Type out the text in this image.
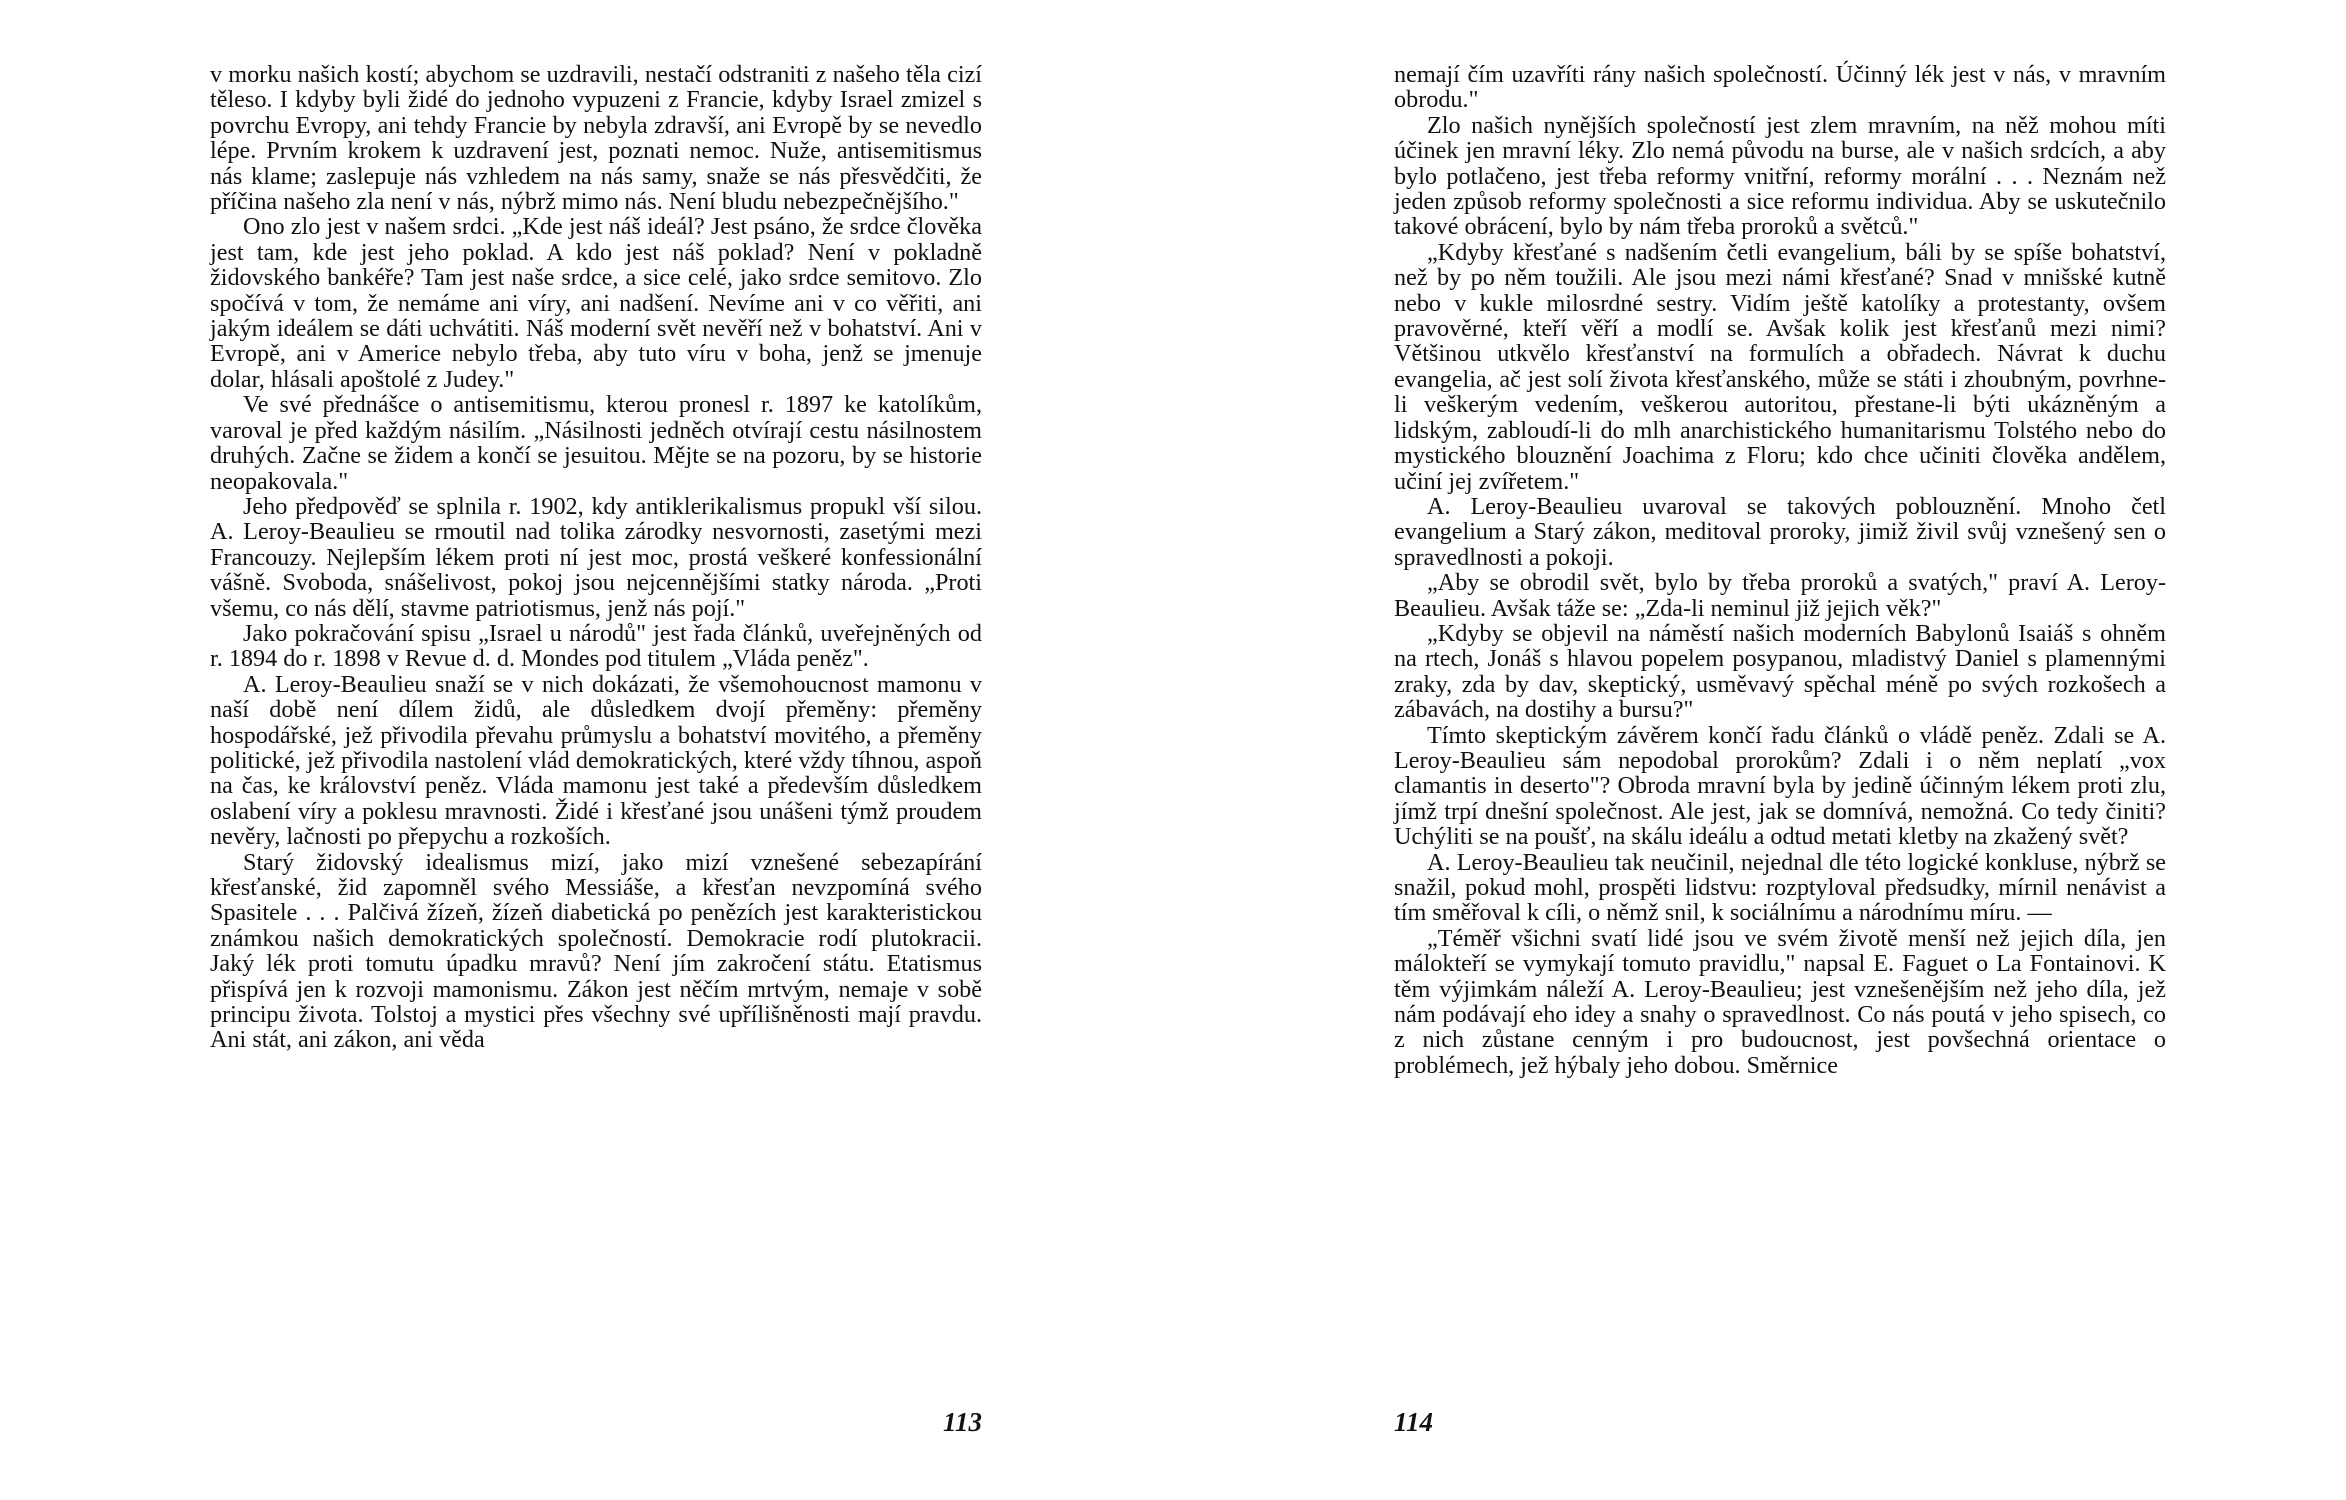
v morku našich kostí; abychom se uzdravili, nestačí odstraniti z našeho těla cizí těleso. I kdyby byli židé do jednoho vypuzeni z Francie, kdyby Israel zmizel s povrchu Evropy, ani tehdy Francie by nebyla zdravší, ani Evropě by se nevedlo lépe. Prvním krokem k uzdravení jest, poznati nemoc. Nuže, antisemitismus nás klame; zaslepuje nás vzhledem na nás samy, snaže se nás přesvědčiti, že příčina našeho zla není v nás, nýbrž mimo nás. Není bludu nebezpečnějšího."

Ono zlo jest v našem srdci. „Kde jest náš ideál? Jest psáno, že srdce člověka jest tam, kde jest jeho poklad. A kdo jest náš poklad? Není v pokladně židovského bankéře? Tam jest naše srdce, a sice celé, jako srdce semitovo. Zlo spočívá v tom, že nemáme ani víry, ani nadšení. Nevíme ani v co věřiti, ani jakým ideálem se dáti uchvátiti. Náš moderní svět nevěří než v bohatství. Ani v Evropě, ani v Americe nebylo třeba, aby tuto víru v boha, jenž se jmenuje dolar, hlásali apoštolé z Judey."

Ve své přednášce o antisemitismu, kterou pronesl r. 1897 ke katolíkům, varoval je před každým násilím. „Násilnosti jedněch otvírají cestu násilnostem druhých. Začne se židem a končí se jesuitou. Mějte se na pozoru, by se historie neopakovala."

Jeho předpověď se splnila r. 1902, kdy antiklerikalismus propukl vší silou. A. Leroy-Beaulieu se rmoutil nad tolika zárodky nesvornosti, zasetými mezi Francouzy. Nejlepším lékem proti ní jest moc, prostá veškeré konfessionální vášně. Svoboda, snášelivost, pokoj jsou nejcennějšími statky národa. „Proti všemu, co nás dělí, stavme patriotismus, jenž nás pojí."

Jako pokračování spisu „Israel u národů" jest řada článků, uveřejněných od r. 1894 do r. 1898 v Revue d. d. Mondes pod titulem „Vláda peněz".

A. Leroy-Beaulieu snaží se v nich dokázati, že všemohoucnost mamonu v naší době není dílem židů, ale důsledkem dvojí přeměny: přeměny hospodářské, jež přivodila převahu průmyslu a bohatství movitého, a přeměny politické, jež přivodila nastolení vlád demokratických, které vždy tíhnou, aspoň na čas, ke království peněz. Vláda mamonu jest také a především důsledkem oslabení víry a poklesu mravnosti. Židé i křesťané jsou unášeni týmž proudem nevěry, lačnosti po přepychu a rozkoších.

Starý židovský idealismus mizí, jako mizí vznešené sebezapírání křesťanské, žid zapomněl svého Messiáše, a křesťan nevzpomíná svého Spasitele . . . Palčivá žízeň, žízeň diabetická po penězích jest karakteristickou známkou našich demokratických společností. Demokracie rodí plutokracii. Jaký lék proti tomutu úpadku mravů? Není jím zakročení státu. Etatismus přispívá jen k rozvoji mamonismu. Zákon jest něčím mrtvým, nemaje v sobě principu života. Tolstoj a mystici přes všechny své upřílišněnosti mají pravdu. Ani stát, ani zákon, ani věda

113

nemají čím uzavříti rány našich společností. Účinný lék jest v nás, v mravním obrodu."

Zlo našich nynějších společností jest zlem mravním, na něž mohou míti účinek jen mravní léky. Zlo nemá původu na burse, ale v našich srdcích, a aby bylo potlačeno, jest třeba reformy vnitřní, reformy morální . . . Neznám než jeden způsob reformy společnosti a sice reformu individua. Aby se uskutečnilo takové obrácení, bylo by nám třeba proroků a světců."

„Kdyby křesťané s nadšením četli evangelium, báli by se spíše bohatství, než by po něm toužili. Ale jsou mezi námi křesťané? Snad v mnišské kutně nebo v kukle milosrdné sestry. Vidím ještě katolíky a protestanty, ovšem pravověrné, kteří věří a modlí se. Avšak kolik jest křesťanů mezi nimi? Většinou utkvělo křesťanství na formulích a obřadech. Návrat k duchu evangelia, ač jest solí života křesťanského, může se státi i zhoubným, povrhne-li veškerým vedením, veškerou autoritou, přestane-li býti ukázněným a lidským, zabloudí-li do mlh anarchistického humanitarismu Tolstého nebo do mystického blouznění Joachima z Floru; kdo chce učiniti člověka andělem, učiní jej zvířetem."

A. Leroy-Beaulieu uvaroval se takových poblouznění. Mnoho četl evangelium a Starý zákon, meditoval proroky, jimiž živil svůj vznešený sen o spravedlnosti a pokoji.

„Aby se obrodil svět, bylo by třeba proroků a svatých," praví A. Leroy-Beaulieu. Avšak táže se: „Zda-li neminul již jejich věk?"

„Kdyby se objevil na náměstí našich moderních Babylonů Isaiáš s ohněm na rtech, Jonáš s hlavou popelem posypanou, mladistvý Daniel s plamennými zraky, zda by dav, skeptický, usměvavý spěchal méně po svých rozkošech a zábavách, na dostihy a bursu?"

Tímto skeptickým závěrem končí řadu článků o vládě peněz. Zdali se A. Leroy-Beaulieu sám nepodobal prorokům? Zdali i o něm neplatí „vox clamantis in deserto"? Obroda mravní byla by jedině účinným lékem proti zlu, jímž trpí dnešní společnost. Ale jest, jak se domnívá, nemožná. Co tedy činiti? Uchýliti se na poušť, na skálu ideálu a odtud metati kletby na zkažený svět?

A. Leroy-Beaulieu tak neučinil, nejednal dle této logické konkluse, nýbrž se snažil, pokud mohl, prospěti lidstvu: rozptyloval předsudky, mírnil nenávist a tím směřoval k cíli, o němž snil, k sociálnímu a národnímu míru. —

„Téměř všichni svatí lidé jsou ve svém životě menší než jejich díla, jen málokteří se vymykají tomuto pravidlu," napsal E. Faguet o La Fontainovi. K těm výjimkám náleží A. Leroy-Beaulieu; jest vznešenějším než jeho díla, jež nám podávají eho idey a snahy o spravedlnost. Co nás poutá v jeho spisech, co z nich zůstane cenným i pro budoucnost, jest povšechná orientace o problémech, jež hýbaly jeho dobou. Směrnice

114
